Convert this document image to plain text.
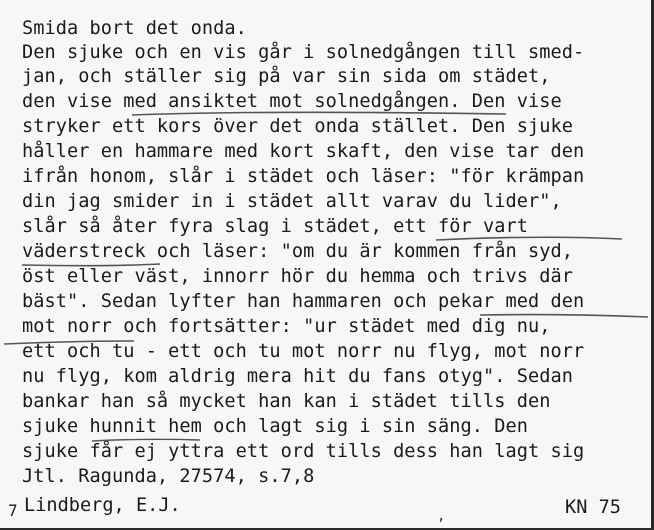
Smida bort det onda.
Den sjuke och en vis går i solnedgången till smed-
jan, och ställer sig på var sin sida om städet,
den vise med ansiktet mot solnedgången. Den vise
stryker ett kors över det onda stället. Den sjuke
håller en hammare med kort skaft, den vise tar den
ifrån honom, slår i städet och läser: "för krämpan
din jag smider in i städet allt varav du lider",
slår så åter fyra slag i städet, ett för vart
väderstreck och läser: "om du är kommen från syd,
öst eller väst, innorr hör du hemma och trivs där
bäst". Sedan lyfter han hammaren och pekar med den
mot norr och fortsätter: "ur städet med dig nu,
ett och tu - ett och tu mot norr nu flyg, mot norr
nu flyg, kom aldrig mera hit du fans otyg". Sedan
bankar han så mycket han kan i städet tills den
sjuke hunnit hem och lagt sig i sin säng. Den
sjuke får ej yttra ett ord tills dess han lagt sig
Jtl. Ragunda, 27574, s.7,8
7 Lindberg, E.J.	,	KN 75
